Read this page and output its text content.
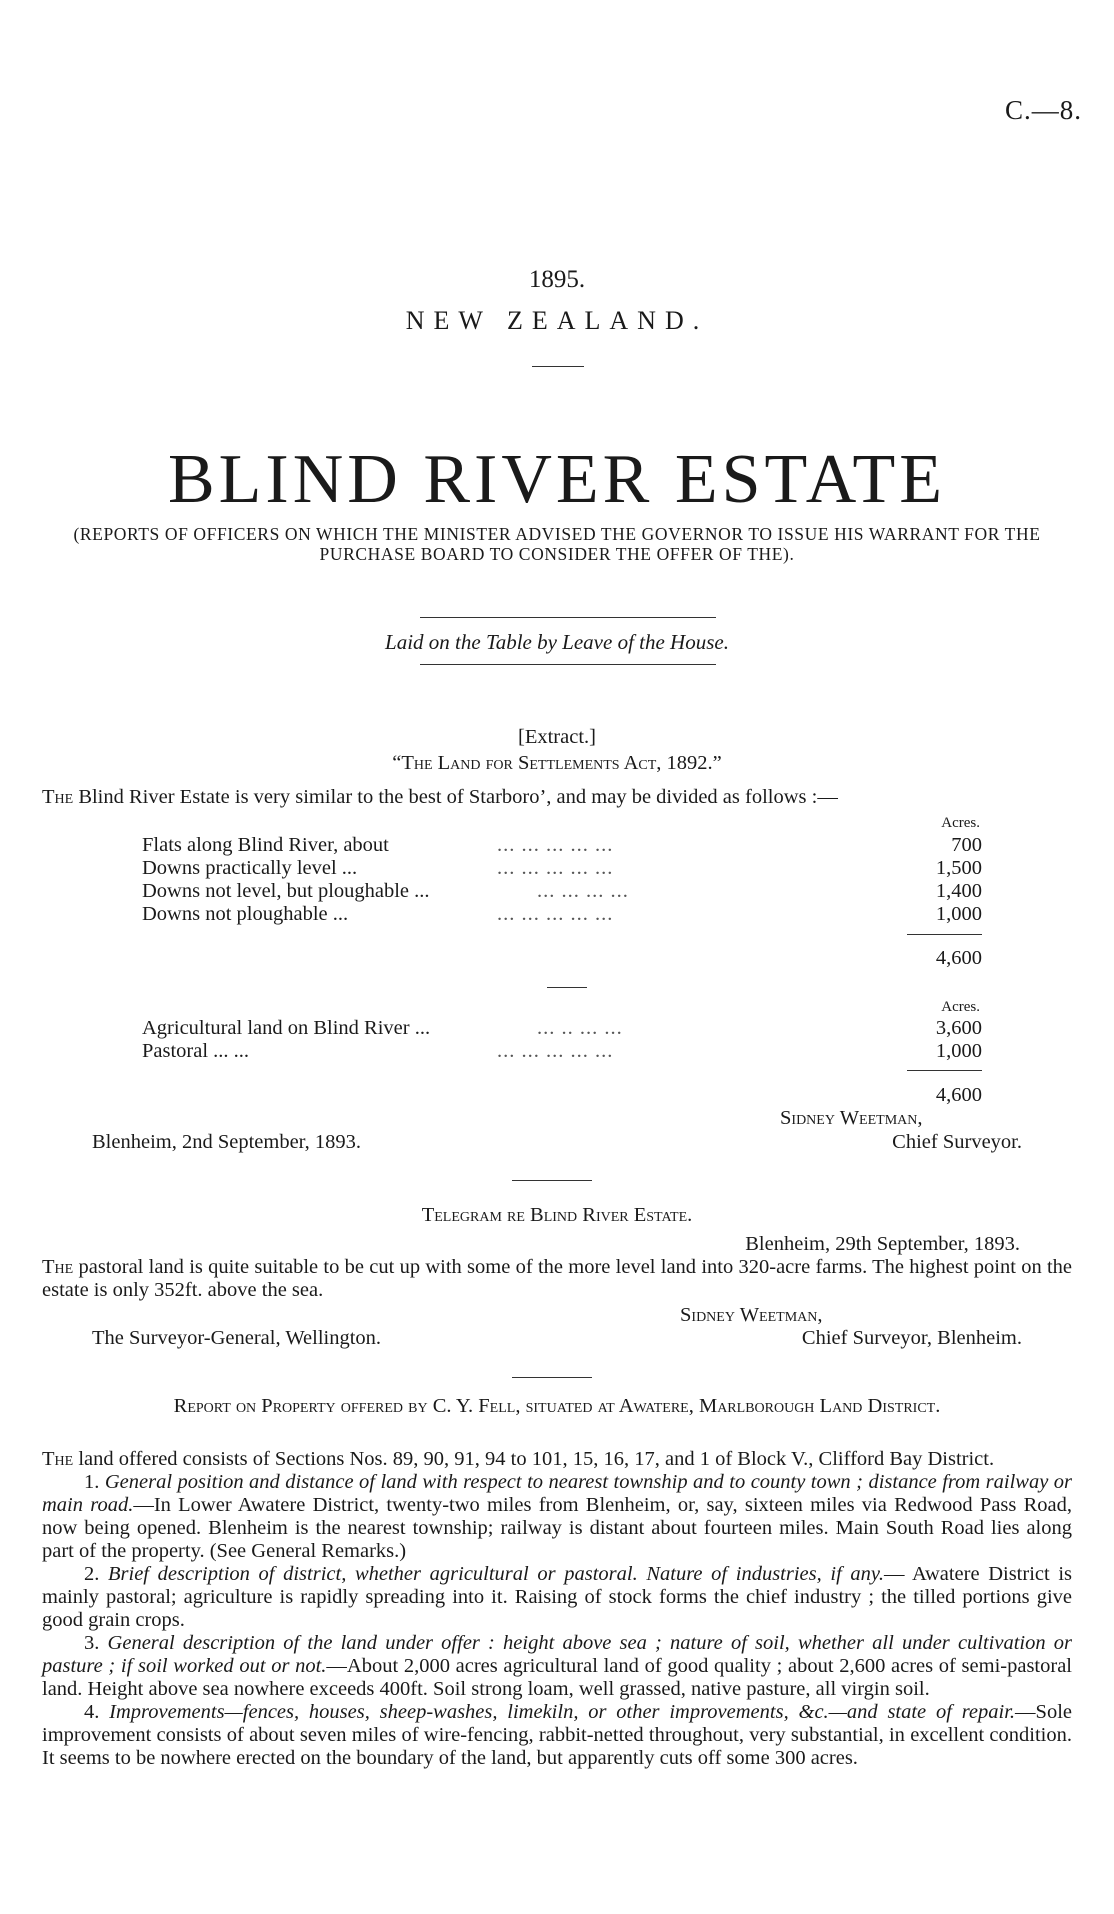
C.—8.
1895.
NEW ZEALAND.
BLIND RIVER ESTATE
(REPORTS OF OFFICERS ON WHICH THE MINISTER ADVISED THE GOVERNOR TO ISSUE HIS WARRANT FOR THE PURCHASE BOARD TO CONSIDER THE OFFER OF THE).
Laid on the Table by Leave of the House.
[Extract.]
“The Land for Settlements Act, 1892.”
The Blind River Estate is very similar to the best of Starboro’, and may be divided as follows :—
Acres.
Flats along Blind River, about	... ... ... ... ...	700
Downs practically level ...	... ... ... ... ...	1,500
Downs not level, but ploughable ...	... ... ... ...	1,400
Downs not ploughable ...	... ... ... ... ...	1,000
4,600
Acres.
Agricultural land on Blind River ...	... .. ... ...	3,600
Pastoral ... ...	... ... ... ... ...	1,000
4,600
Sidney Weetman,
Blenheim, 2nd September, 1893.	Chief Surveyor.
Telegram re Blind River Estate.
Blenheim, 29th September, 1893.
The pastoral land is quite suitable to be cut up with some of the more level land into 320-acre farms. The highest point on the estate is only 352ft. above the sea.
Sidney Weetman,
The Surveyor-General, Wellington.	Chief Surveyor, Blenheim.
Report on Property offered by C. Y. Fell, situated at Awatere, Marlborough Land District.

The land offered consists of Sections Nos. 89, 90, 91, 94 to 101, 15, 16, 17, and 1 of Block V., Clifford Bay District.

1. General position and distance of land with respect to nearest township and to county town ; distance from railway or main road.—In Lower Awatere District, twenty-two miles from Blenheim, or, say, sixteen miles via Redwood Pass Road, now being opened. Blenheim is the nearest township; railway is distant about fourteen miles. Main South Road lies along part of the property. (See General Remarks.)

2. Brief description of district, whether agricultural or pastoral. Nature of industries, if any.— Awatere District is mainly pastoral; agriculture is rapidly spreading into it. Raising of stock forms the chief industry ; the tilled portions give good grain crops.

3. General description of the land under offer : height above sea ; nature of soil, whether all under cultivation or pasture ; if soil worked out or not.—About 2,000 acres agricultural land of good quality ; about 2,600 acres of semi-pastoral land. Height above sea nowhere exceeds 400ft. Soil strong loam, well grassed, native pasture, all virgin soil.

4. Improvements—fences, houses, sheep-washes, limekiln, or other improvements, &c.—and state of repair.—Sole improvement consists of about seven miles of wire-fencing, rabbit-netted throughout, very substantial, in excellent condition. It seems to be nowhere erected on the boundary of the land, but apparently cuts off some 300 acres.
